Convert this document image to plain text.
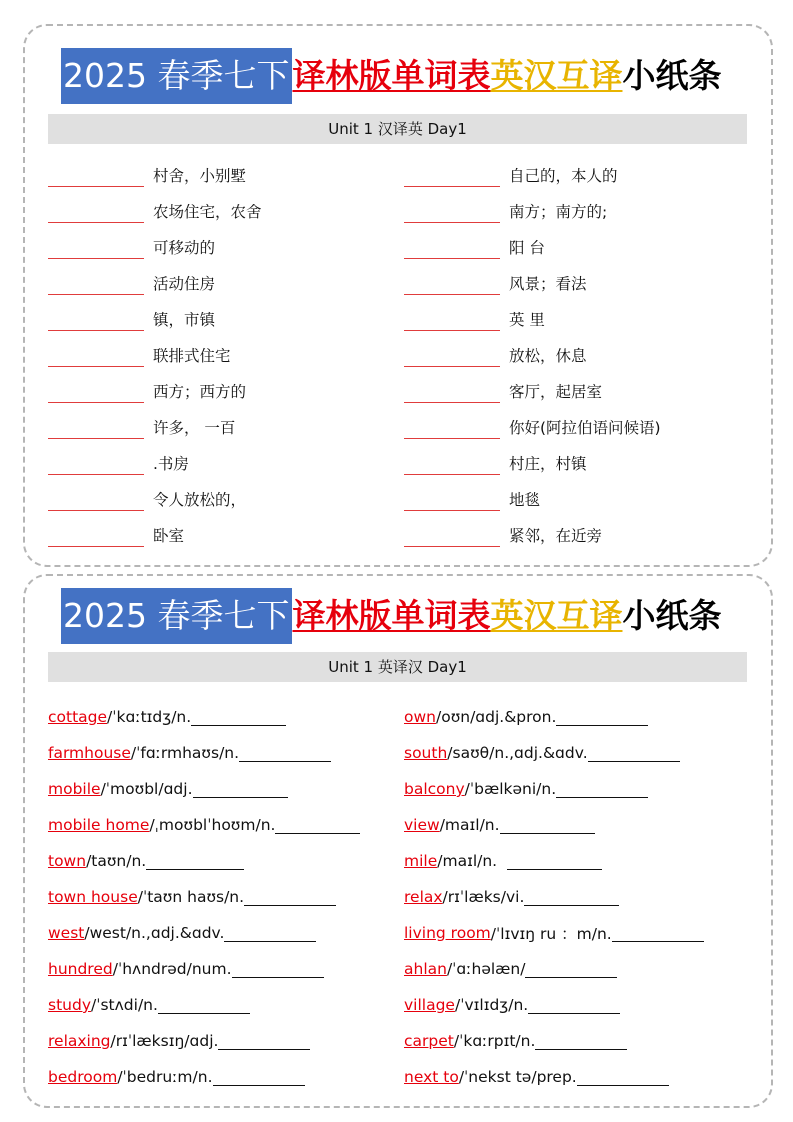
2025 春季七下 译林版单词表 英汉互译 小纸条
Unit 1 汉译英 Day1
村舍，小别墅
农场住宅，农舍
可移动的
活动住房
镇，市镇
联排式住宅
西方；西方的
许多， 一百
.书房
令人放松的，
卧室
自己的，本人的
南方；南方的;
阳 台
风景；看法
英 里
放松，休息
客厅，起居室
你好(阿拉伯语问候语)
村庄，村镇
地毯
紧邻，在近旁
2025 春季七下 译林版单词表 英汉互译 小纸条
Unit 1 英译汉 Day1
cottage /ˈkɑːtɪdʒ/n.
farmhouse /ˈfɑːrmhaʊs/n.
mobile /ˈmoʊbl/ɑdj.
mobile home /ˌmoʊblˈhoʊm/n.
town /taʊn/n.
town house /ˈtaʊn haʊs/n.
west /west/n.,ɑdj.&ɑdv.
hundred /ˈhʌndrəd/num.
study /ˈstʌdi/n.
relaxing /rɪˈlæksɪŋ/ɑdj.
bedroom /ˈbedruːm/n.
own /oʊn/ɑdj.&pron.
south /saʊθ/n.,ɑdj.&ɑdv.
balcony /ˈbælkəni/n.
view /maɪl/n.
mile /maɪl/n.
relax /rɪˈlæks/vi.
living room /ˈlɪvɪŋ ru ：m/n.
ahlan /ˈɑːhəlæn/
village /ˈvɪlɪdʒ/n.
carpet /ˈkɑːrpɪt/n.
next to /ˈnekst tə/prep.
